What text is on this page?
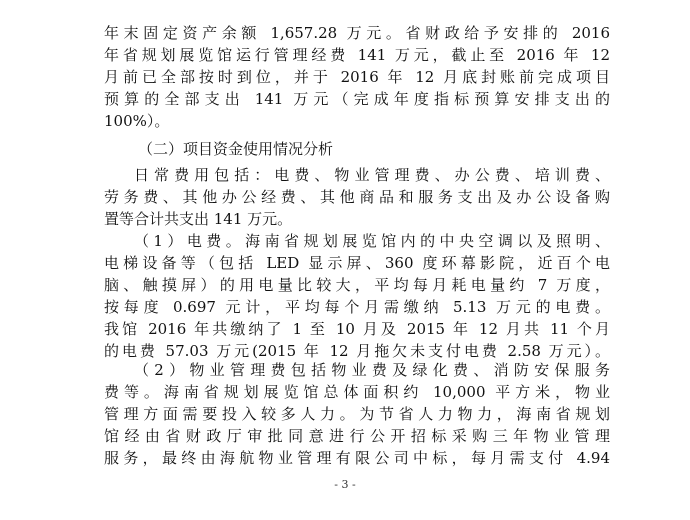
年末固定资产余额 1,657.28 万元。省财政给予安排的 2016
年省规划展览馆运行管理经费 141 万元，截止至 2016 年 12
月前已全部按时到位，并于 2016 年 12 月底封账前完成项目
预算的全部支出 141 万元（完成年度指标预算安排支出的
100%）。
（二）项目资金使用情况分析
日常费用包括：电费、物业管理费、办公费、培训费、
劳务费、其他办公经费、其他商品和服务支出及办公设备购
置等合计共支出 141 万元。
（1）电费。海南省规划展览馆内的中央空调以及照明、
电梯设备等（包括 LED 显示屏、360 度环幕影院，近百个电
脑、触摸屏）的用电量比较大，平均每月耗电量约 7 万度，
按每度 0.697 元计，平均每个月需缴纳 5.13 万元的电费。
我馆 2016 年共缴纳了 1 至 10 月及 2015 年 12 月共 11 个月
的电费 57.03 万元(2015 年 12 月拖欠未支付电费 2.58 万元）。
- 3 -
（2）物业管理费包括物业费及绿化费、消防安保服务
费等。海南省规划展览馆总体面积约 10,000 平方米，物业
管理方面需要投入较多人力。为节省人力物力，海南省规划
馆经由省财政厅审批同意进行公开招标采购三年物业管理
服务，最终由海航物业管理有限公司中标，每月需支付 4.94
